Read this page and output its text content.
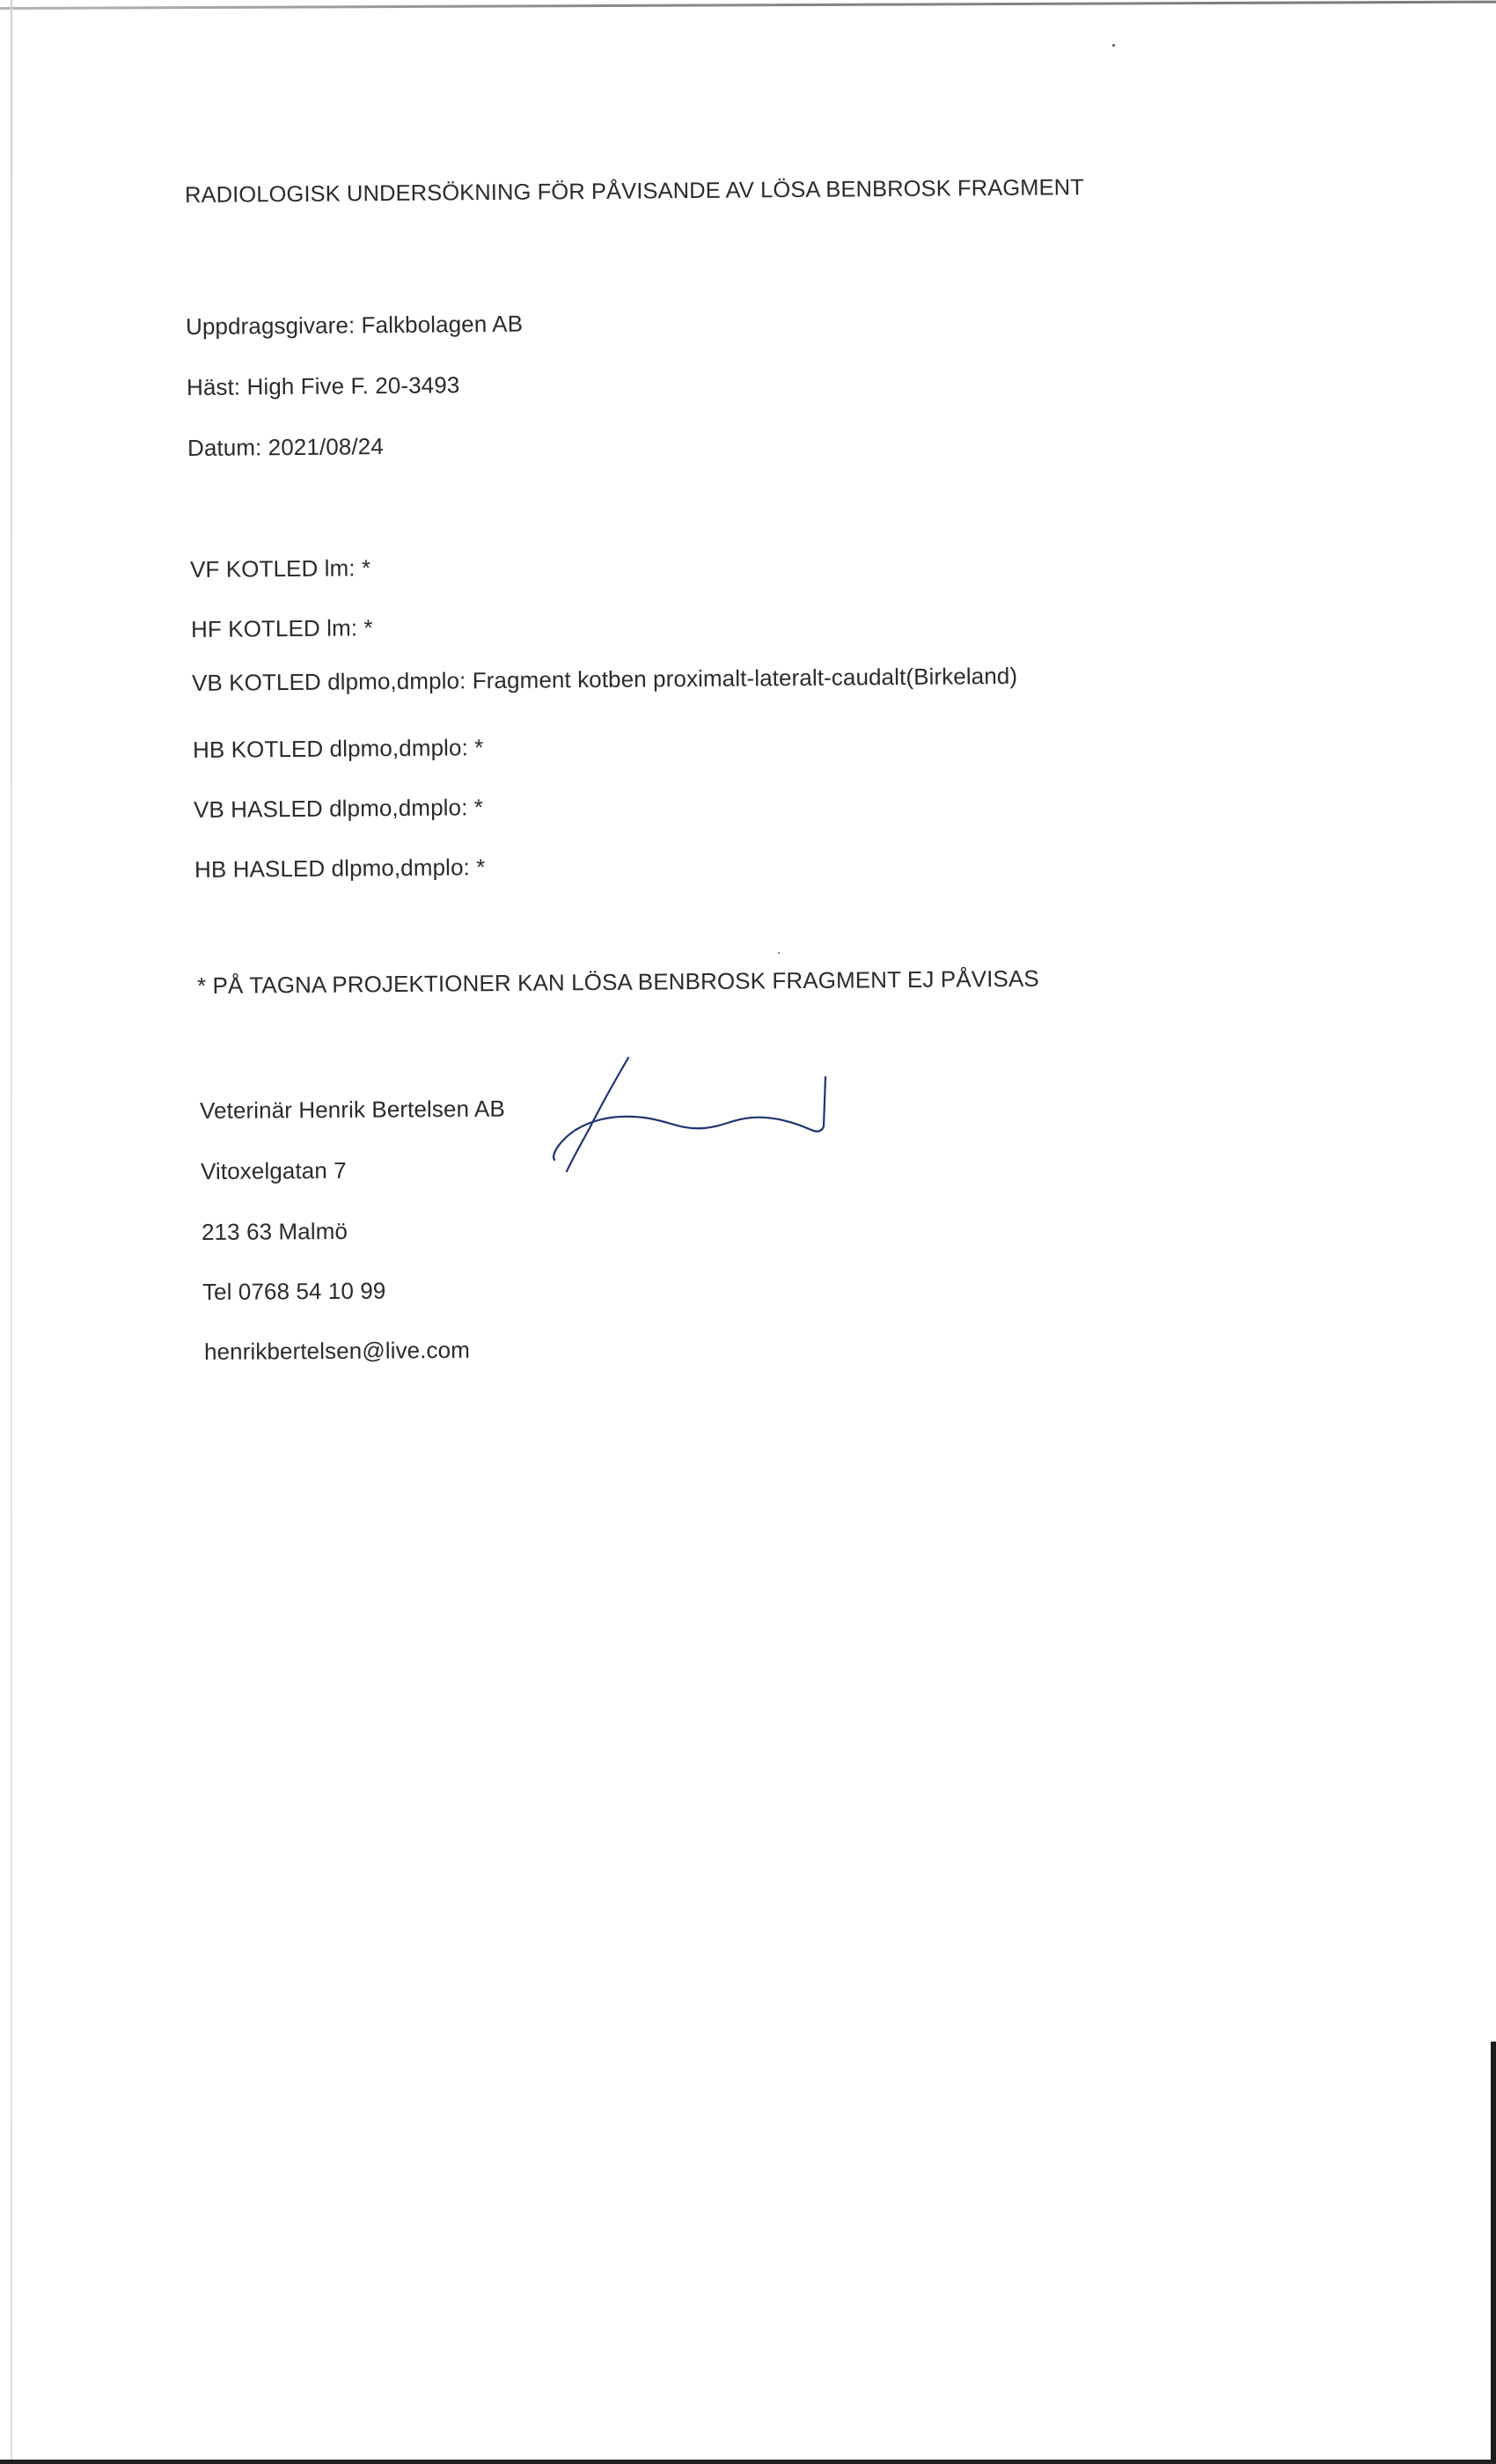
RADIOLOGISK UNDERSÖKNING FÖR PÅVISANDE AV LÖSA BENBROSK FRAGMENT
Uppdragsgivare: Falkbolagen AB
Häst: High Five F. 20-3493
Datum: 2021/08/24
VF KOTLED lm: *
HF KOTLED lm: *
VB KOTLED dlpmo,dmplo: Fragment kotben proximalt-lateralt-caudalt(Birkeland)
HB KOTLED dlpmo,dmplo: *
VB HASLED dlpmo,dmplo: *
HB HASLED dlpmo,dmplo: *
* PÅ TAGNA PROJEKTIONER KAN LÖSA BENBROSK FRAGMENT EJ PÅVISAS
Veterinär Henrik Bertelsen AB
Vitoxelgatan 7
213 63 Malmö
Tel 0768 54 10 99
henrikbertelsen@live.com
